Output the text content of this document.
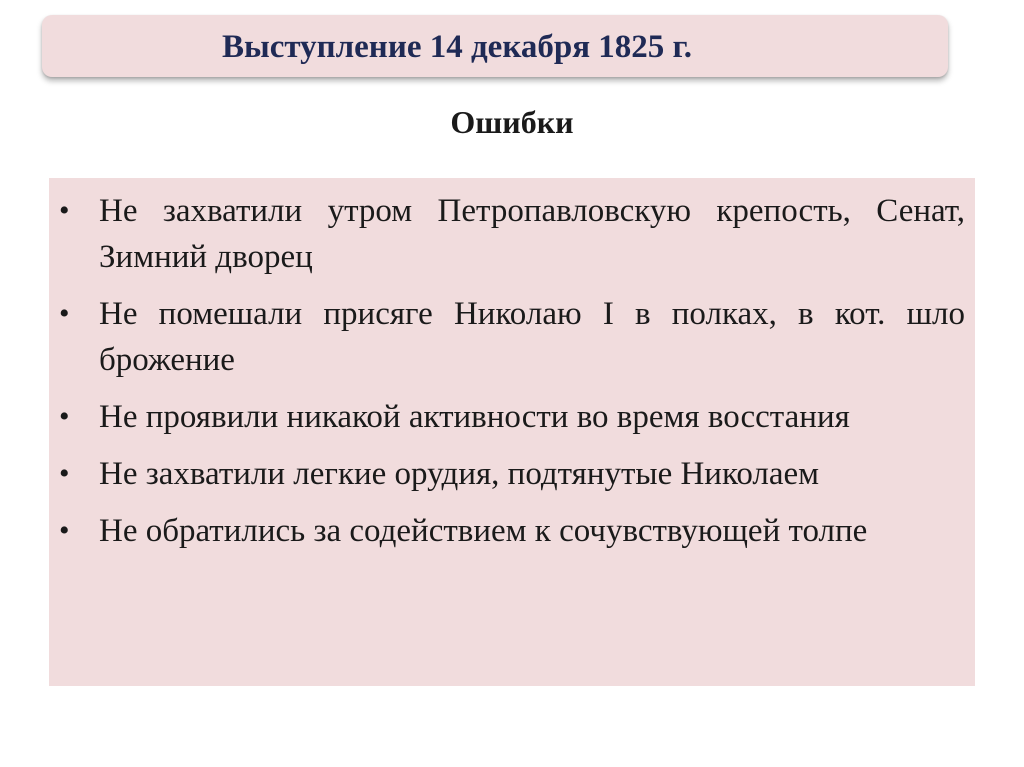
Выступление 14 декабря 1825 г.
Ошибки
• Не захватили утром Петропавловскую крепость, Сенат, Зимний дворец
• Не помешали присяге Николаю I в полках, в кот. шло брожение
• Не проявили никакой активности во время восстания
• Не захватили легкие орудия, подтянутые Николаем
• Не обратились за содействием к сочувствующей толпе
